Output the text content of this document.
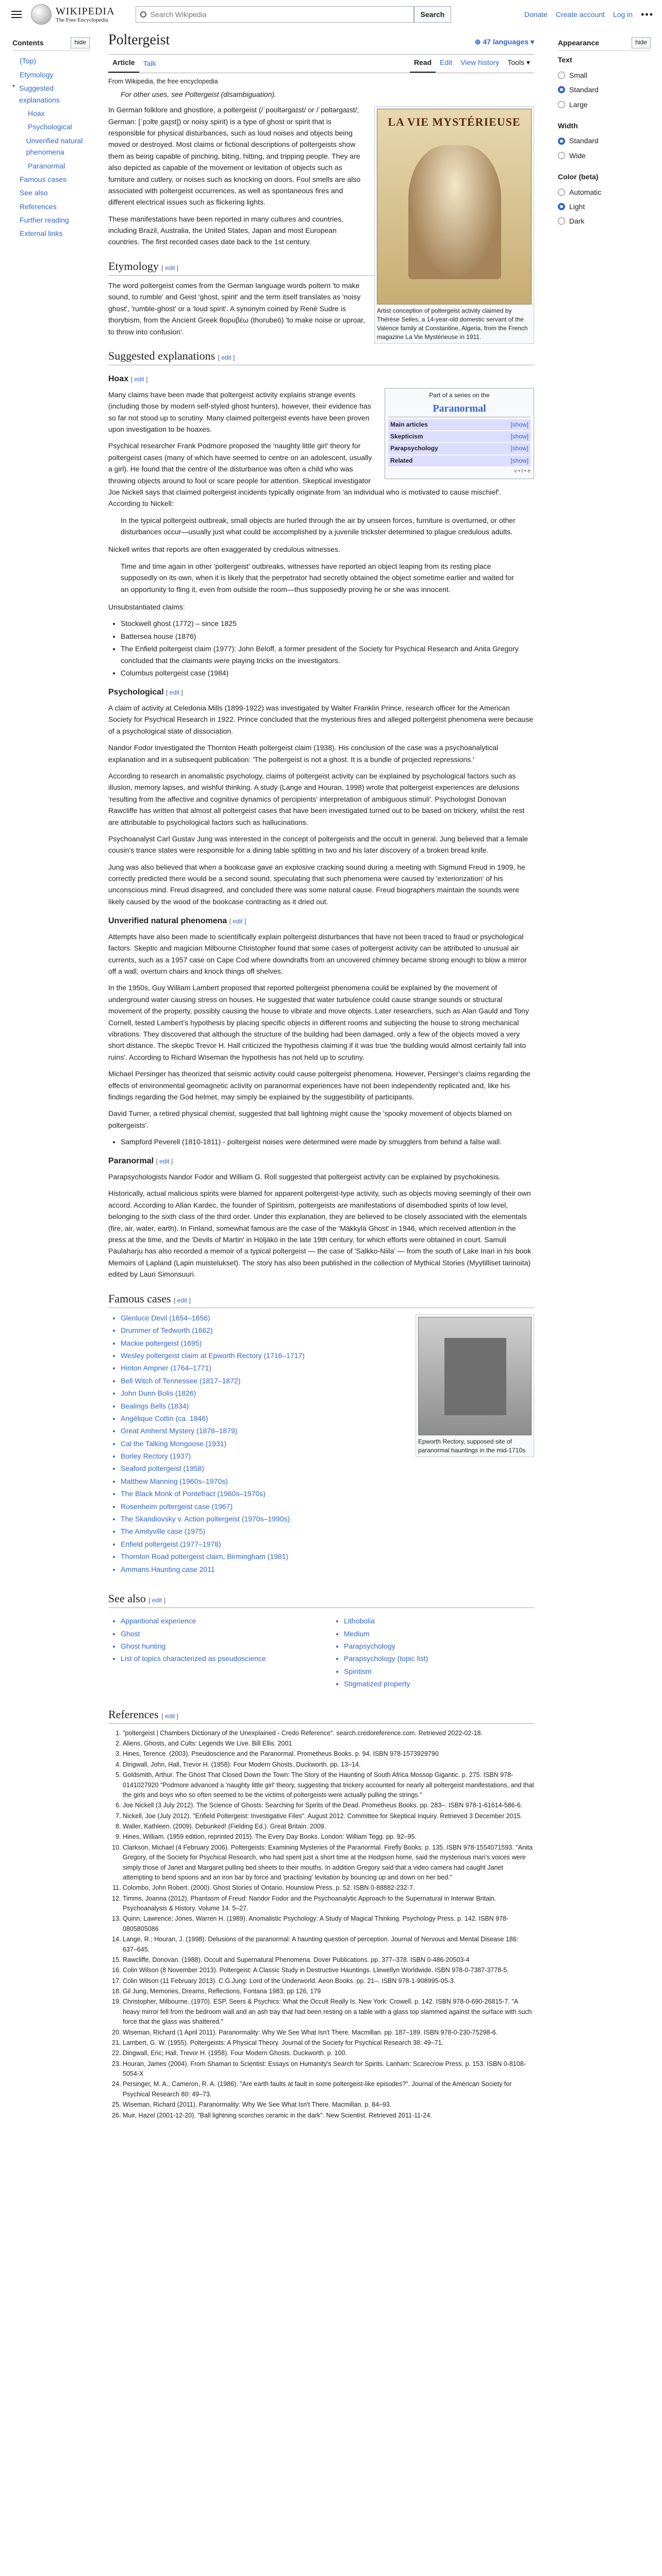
WIKIPEDIA
The Free Encyclopedia
Search Wikipedia
Search	Donate Create account Log in •••
Contents	hide
(Top)
Etymology
▾ Suggested explanations
Hoax
Psychological
Unverified natural phenomena
Paranormal
Famous cases
See also
References
Further reading
External links
Poltergeist	⊕ 47 languages ▾
Article	Talk	Read	Edit	View history	Tools ▾
From Wikipedia, the free encyclopedia
For other uses, see Poltergeist (disambiguation).
LA VIE MYSTÉRIEUSE
Artist conception of poltergeist activity claimed by Thérèse Selles, a 14-year-old domestic servant of the Valence family at Constantine, Algeria, from the French magazine La Vie Mystérieuse in 1911.

In German folklore and ghostlore, a poltergeist (/ˈpoʊltərɡaɪst/ or /ˈpɒltərɡaɪst/; German: [ˈpɔltɐˌɡaɪ̯st]) or noisy spirit) is a type of ghost or spirit that is responsible for physical disturbances, such as loud noises and objects being moved or destroyed. Most claims or fictional descriptions of poltergeists show them as being capable of pinching, biting, hitting, and tripping people. They are also depicted as capable of the movement or levitation of objects such as furniture and cutlery, or noises such as knocking on doors. Foul smells are also associated with poltergeist occurrences, as well as spontaneous fires and different electrical issues such as flickering lights.

These manifestations have been reported in many cultures and countries, including Brazil, Australia, the United States, Japan and most European countries. The first recorded cases date back to the 1st century.

Etymology [ edit ]

The word poltergeist comes from the German language words poltern 'to make sound, to rumble' and Geist 'ghost, spirit' and the term itself translates as 'noisy ghost', 'rumble-ghost' or a 'loud spirit'. A synonym coined by René Sudre is thorybism, from the Ancient Greek θορυβέω (thorubeō) 'to make noise or uproar, to throw into confusion'.

Suggested explanations [ edit ]
Hoax [ edit ]
Part of a series on the
Paranormal
Main articles	[show]
Skepticism	[show]
Parapsychology	[show]
Related	[show]
v • t • e

Many claims have been made that poltergeist activity explains strange events (including those by modern self-styled ghost hunters), however, their evidence has so far not stood up to scrutiny. Many claimed poltergeist events have been proven upon investigation to be hoaxes.

Psychical researcher Frank Podmore proposed the 'naughty little girl' theory for poltergeist cases (many of which have seemed to centre on an adolescent, usually a girl). He found that the centre of the disturbance was often a child who was throwing objects around to fool or scare people for attention. Skeptical investigator Joe Nickell says that claimed poltergeist incidents typically originate from 'an individual who is motivated to cause mischief'. According to Nickell:

In the typical poltergeist outbreak, small objects are hurled through the air by unseen forces, furniture is overturned, or other disturbances occur—usually just what could be accomplished by a juvenile trickster determined to plague credulous adults.

Nickell writes that reports are often exaggerated by credulous witnesses.

Time and time again in other 'poltergeist' outbreaks, witnesses have reported an object leaping from its resting place supposedly on its own, when it is likely that the perpetrator had secretly obtained the object sometime earlier and waited for an opportunity to fling it, even from outside the room—thus supposedly proving he or she was innocent.

Unsubstantiated claims:

• Stockwell ghost (1772) – since 1825
• Battersea house (1876)
• The Enfield poltergeist claim (1977): John Beloff, a former president of the Society for Psychical Research and Anita Gregory concluded that the claimants were playing tricks on the investigators.
• Columbus poltergeist case (1984)
Psychological [ edit ]

A claim of activity at Celedonia Mills (1899-1922) was investigated by Walter Franklin Prince, research officer for the American Society for Psychical Research in 1922. Prince concluded that the mysterious fires and alleged poltergeist phenomena were because of a psychological state of dissociation.

Nandor Fodor investigated the Thornton Heath poltergeist claim (1938). His conclusion of the case was a psychoanalytical explanation and in a subsequent publication: 'The poltergeist is not a ghost. It is a bundle of projected repressions.'

According to research in anomalistic psychology, claims of poltergeist activity can be explained by psychological factors such as illusion, memory lapses, and wishful thinking. A study (Lange and Houran, 1998) wrote that poltergeist experiences are delusions 'resulting from the affective and cognitive dynamics of percipients' interpretation of ambiguous stimuli'. Psychologist Donovan Rawcliffe has written that almost all poltergeist cases that have been investigated turned out to be based on trickery, whilst the rest are attributable to psychological factors such as hallucinations.

Psychoanalyst Carl Gustav Jung was interested in the concept of poltergeists and the occult in general. Jung believed that a female cousin's trance states were responsible for a dining table splitting in two and his later discovery of a broken bread knife.

Jung was also believed that when a bookcase gave an explosive cracking sound during a meeting with Sigmund Freud in 1909, he correctly predicted there would be a second sound, speculating that such phenomena were caused by 'exteriorization' of his unconscious mind. Freud disagreed, and concluded there was some natural cause. Freud biographers maintain the sounds were likely caused by the wood of the bookcase contracting as it dried out.

Unverified natural phenomena [ edit ]

Attempts have also been made to scientifically explain poltergeist disturbances that have not been traced to fraud or psychological factors. Skeptic and magician Milbourne Christopher found that some cases of poltergeist activity can be attributed to unusual air currents, such as a 1957 case on Cape Cod where downdrafts from an uncovered chimney became strong enough to blow a mirror off a wall, overturn chairs and knock things off shelves.

In the 1950s, Guy William Lambert proposed that reported poltergeist phenomena could be explained by the movement of underground water causing stress on houses. He suggested that water turbulence could cause strange sounds or structural movement of the property, possibly causing the house to vibrate and move objects. Later researchers, such as Alan Gauld and Tony Cornell, tested Lambert's hypothesis by placing specific objects in different rooms and subjecting the house to strong mechanical vibrations. They discovered that although the structure of the building had been damaged, only a few of the objects moved a very short distance. The skeptic Trevor H. Hall criticized the hypothesis claiming if it was true 'the building would almost certainly fall into ruins'. According to Richard Wiseman the hypothesis has not held up to scrutiny.

Michael Persinger has theorized that seismic activity could cause poltergeist phenomena. However, Persinger's claims regarding the effects of environmental geomagnetic activity on paranormal experiences have not been independently replicated and, like his findings regarding the God helmet, may simply be explained by the suggestibility of participants.

David Turner, a retired physical chemist, suggested that ball lightning might cause the 'spooky movement of objects blamed on poltergeists'.

• Sampford Peverell (1810-1811) - poltergeist noises were determined were made by smugglers from behind a false wall.
Paranormal [ edit ]

Parapsychologists Nandor Fodor and William G. Roll suggested that poltergeist activity can be explained by psychokinesis.

Historically, actual malicious spirits were blamed for apparent poltergeist-type activity, such as objects moving seemingly of their own accord. According to Allan Kardec, the founder of Spiritism, poltergeists are manifestations of disembodied spirits of low level, belonging to the sixth class of the third order. Under this explanation, they are believed to be closely associated with the elementals (fire, air, water, earth). In Finland, somewhat famous are the case of the 'Mäkkylä Ghost' in 1946, which received attention in the press at the time, and the 'Devils of Martin' in Höljäkö in the late 19th century, for which efforts were obtained in court. Samuli Paulaharju has also recorded a memoir of a typical poltergeist — the case of 'Salkko-Niila' — from the south of Lake Inari in his book Memoirs of Lapland (Lapin muistelukset). The story has also been published in the collection of Mythical Stories (Myytilliset tarinoita) edited by Lauri Simonsuuri.

Famous cases [ edit ]
Epworth Rectory, supposed site of paranormal hauntings in the mid-1710s
• Glenluce Devil (1654–1656)
• Drummer of Tedworth (1662)
• Mackie poltergeist (1695)
• Wesley poltergeist claim at Epworth Rectory (1716–1717)
• Hinton Ampner (1764–1771)
• Bell Witch of Tennessee (1817–1872)
• John Dunn Bolis (1826)
• Bealings Bells (1834)
• Angélique Cottin (ca. 1846)
• Great Amherst Mystery (1878–1879)
• Cal the Talking Mongoose (1931)
• Borley Rectory (1937)
• Seaford poltergeist (1958)
• Matthew Manning (1960s–1970s)
• The Black Monk of Pontefract (1960s–1970s)
• Rosenheim poltergeist case (1967)
• The Skandiovsky v. Action poltergeist (1970s–1990s)
• The Amityville case (1975)
• Enfield poltergeist (1977–1978)
• Thornton Road poltergeist claim, Birmingham (1981)
• Ammans Haunting case 2011
See also [ edit ]
• Apparitional experience
• Ghost
• Ghost hunting
• List of topics characterized as pseudoscience
• Lithobolia
• Medium
• Parapsychology
• Parapsychology (topic list)
• Spiritism
• Stigmatized property
References [ edit ]
1. "poltergeist | Chambers Dictionary of the Unexplained - Credo Reference". search.credoreference.com. Retrieved 2022-02-18.
2. Aliens, Ghosts, and Cults: Legends We Live. Bill Ellis. 2001
3. Hines, Terence. (2003). Pseudoscience and the Paranormal. Prometheus Books. p. 94. ISBN 978-1573929790
4. Dingwall, John, Hall, Trevor H. (1958). Four Modern Ghosts. Duckworth. pp. 13–14.
5. Goldsmith, Arthur. The Ghost That Closed Down the Town: The Story of the Haunting of South Africa Mossop Gigantic. p. 275. ISBN 978-0141027920 "Podmore advanced a 'naughty little girl' theory, suggesting that trickery accounted for nearly all poltergeist manifestations, and that the girls and boys who so often seemed to be the victims of poltergeists were actually pulling the strings."
6. Joe Nickell (3 July 2012). The Science of Ghosts: Searching for Spirits of the Dead. Prometheus Books. pp. 283–. ISBN 978-1-61614-586-6.
7. Nickell, Joe (July 2012). "Enfield Poltergeist: Investigative Files". August 2012. Committee for Skeptical Inquiry. Retrieved 3 December 2015.
8. Waller, Kathleen. (2009). Debunked! (Fielding Ed.). Great Britain. 2009.
9. Hines, William. (1959 edition, reprinted 2015). The Every Day Books. London: William Tegg. pp. 92–95.
10. Clarkson, Michael (4 February 2006). Poltergeists: Examining Mysteries of the Paranormal. Firefly Books. p. 135. ISBN 978-1554071593. "Anita Gregory, of the Society for Psychical Research, who had spent just a short time at the Hodgson home, said the mysterious man's voices were simply those of Janet and Margaret pulling bed sheets to their mouths. In addition Gregory said that a video camera had caught Janet attempting to bend spoons and an iron bar by force and 'practising' levitation by bouncing up and down on her bed."
11. Colombo, John Robert. (2000). Ghost Stories of Ontario. Hounslow Press. p. 52. ISBN 0-88882-232-7.
12. Timms, Joanna (2012). Phantasm of Freud: Nandor Fodor and the Psychoanalytic Approach to the Supernatural in Interwar Britain. Psychoanalysis & History. Volume 14. 5–27.
13. Quinn, Lawrence; Jones, Warren H. (1989). Anomalistic Psychology: A Study of Magical Thinking. Psychology Press. p. 142. ISBN 978-0805805086
14. Lange, R.; Houran, J. (1998). Delusions of the paranormal: A haunting question of perception. Journal of Nervous and Mental Disease 186: 637–645.
15. Rawcliffe, Donovan. (1988). Occult and Supernatural Phenomena. Dover Publications. pp. 377–378. ISBN 0-486-20503-4
16. Colin Wilson (8 November 2013). Poltergeist: A Classic Study in Destructive Hauntings. Llewellyn Worldwide. ISBN 978-0-7387-3778-5.
17. Colin Wilson (11 February 2013). C.G.Jung: Lord of the Underworld. Aeon Books. pp. 21–. ISBN 978-1-908995-05-3.
18. Gil Jung, Memories, Dreams, Reflections, Fontana 1983, pp 126, 179
19. Christopher, Milbourne. (1970). ESP, Seers & Psychics: What the Occult Really Is. New York: Crowell. p. 142. ISBN 978-0-690-26815-7. "A heavy mirror fell from the bedroom wall and an ash tray that had been resting on a table with a glass top slammed against the surface with such force that the glass was shattered."
20. Wiseman, Richard (1 April 2011). Paranormality: Why We See What Isn't There. Macmillan. pp. 187–189. ISBN 978-0-230-75298-6.
21. Lambert, G. W. (1955). Poltergeists: A Physical Theory. Journal of the Society for Psychical Research 38: 49–71.
22. Dingwall, Eric; Hall, Trevor H. (1958). Four Modern Ghosts. Duckworth. p. 100.
23. Houran, James (2004). From Shaman to Scientist: Essays on Humanity's Search for Spirits. Lanham: Scarecrow Press. p. 153. ISBN 0-8108-5054-X
24. Persinger, M. A., Cameron, R. A. (1986). "Are earth faults at fault in some poltergeist-like episodes?". Journal of the American Society for Psychical Research 80: 49–73.
25. Wiseman, Richard (2011). Paranormality: Why We See What Isn't There. Macmillan. p. 84–93.
26. Muir, Hazel (2001-12-20). "Ball lightning scorches ceramic in the dark". New Scientist. Retrieved 2011-11-24.
Appearance	hide
Text
Small
Standard
Large
Width
Standard
Wide
Color (beta)
Automatic
Light
Dark
